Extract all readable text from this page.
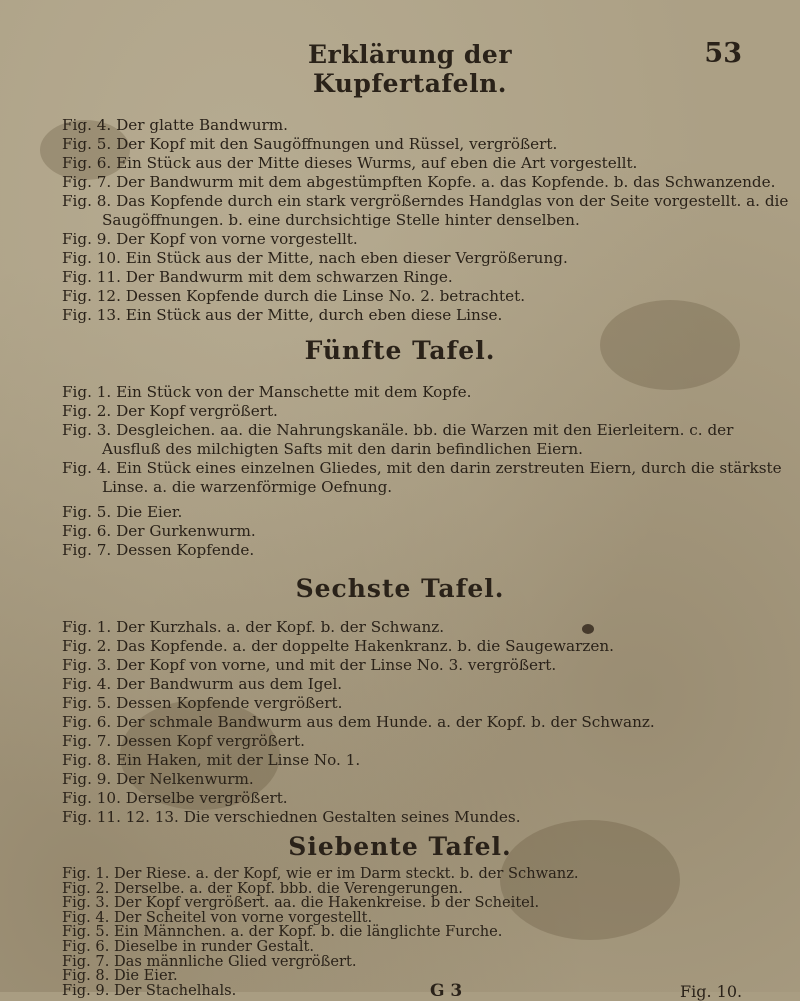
Erklärung der Kupfertafeln.
53
Fig. 4. Der glatte Bandwurm.
Fig. 5. Der Kopf mit den Saugöffnungen und Rüssel, vergrößert.
Fig. 6. Ein Stück aus der Mitte dieses Wurms, auf eben die Art vorgestellt.
Fig. 7. Der Bandwurm mit dem abgestümpften Kopfe. a. das Kopfende. b. das Schwanzende.
Fig. 8. Das Kopfende durch ein stark vergrößerndes Handglas von der Seite vorgestellt. a. die
Saugöffnungen. b. eine durchsichtige Stelle hinter denselben.
Fig. 9. Der Kopf von vorne vorgestellt.
Fig. 10. Ein Stück aus der Mitte, nach eben dieser Vergrößerung.
Fig. 11. Der Bandwurm mit dem schwarzen Ringe.
Fig. 12. Dessen Kopfende durch die Linse No. 2. betrachtet.
Fig. 13. Ein Stück aus der Mitte, durch eben diese Linse.
Fünfte Tafel.
Fig. 1. Ein Stück von der Manschette mit dem Kopfe.
Fig. 2. Der Kopf vergrößert.
Fig. 3. Desgleichen. aa. die Nahrungskanäle. bb. die Warzen mit den Eierleitern. c. der
Ausfluß des milchigten Safts mit den darin befindlichen Eiern.
Fig. 4. Ein Stück eines einzelnen Gliedes, mit den darin zerstreuten Eiern, durch die stärkste
Linse. a. die warzenförmige Oefnung.
Fig. 5. Die Eier.
Fig. 6. Der Gurkenwurm.
Fig. 7. Dessen Kopfende.
Sechste Tafel.
Fig. 1. Der Kurzhals. a. der Kopf. b. der Schwanz.
Fig. 2. Das Kopfende. a. der doppelte Hakenkranz. b. die Saugewarzen.
Fig. 3. Der Kopf von vorne, und mit der Linse No. 3. vergrößert.
Fig. 4. Der Bandwurm aus dem Igel.
Fig. 5. Dessen Kopfende vergrößert.
Fig. 6. Der schmale Bandwurm aus dem Hunde. a. der Kopf. b. der Schwanz.
Fig. 7. Dessen Kopf vergrößert.
Fig. 8. Ein Haken, mit der Linse No. 1.
Fig. 9. Der Nelkenwurm.
Fig. 10. Derselbe vergrößert.
Fig. 11. 12. 13. Die verschiednen Gestalten seines Mundes.
Siebente Tafel.
Fig. 1. Der Riese. a. der Kopf, wie er im Darm steckt. b. der Schwanz.
Fig. 2. Derselbe. a. der Kopf. bbb. die Verengerungen.
Fig. 3. Der Kopf vergrößert. aa. die Hakenkreise. b der Scheitel.
Fig. 4. Der Scheitel von vorne vorgestellt.
Fig. 5. Ein Männchen. a. der Kopf. b. die länglichte Furche.
Fig. 6. Dieselbe in runder Gestalt.
Fig. 7. Das männliche Glied vergrößert.
Fig. 8. Die Eier.
Fig. 9. Der Stachelhals.	G 3	Fig. 10.
